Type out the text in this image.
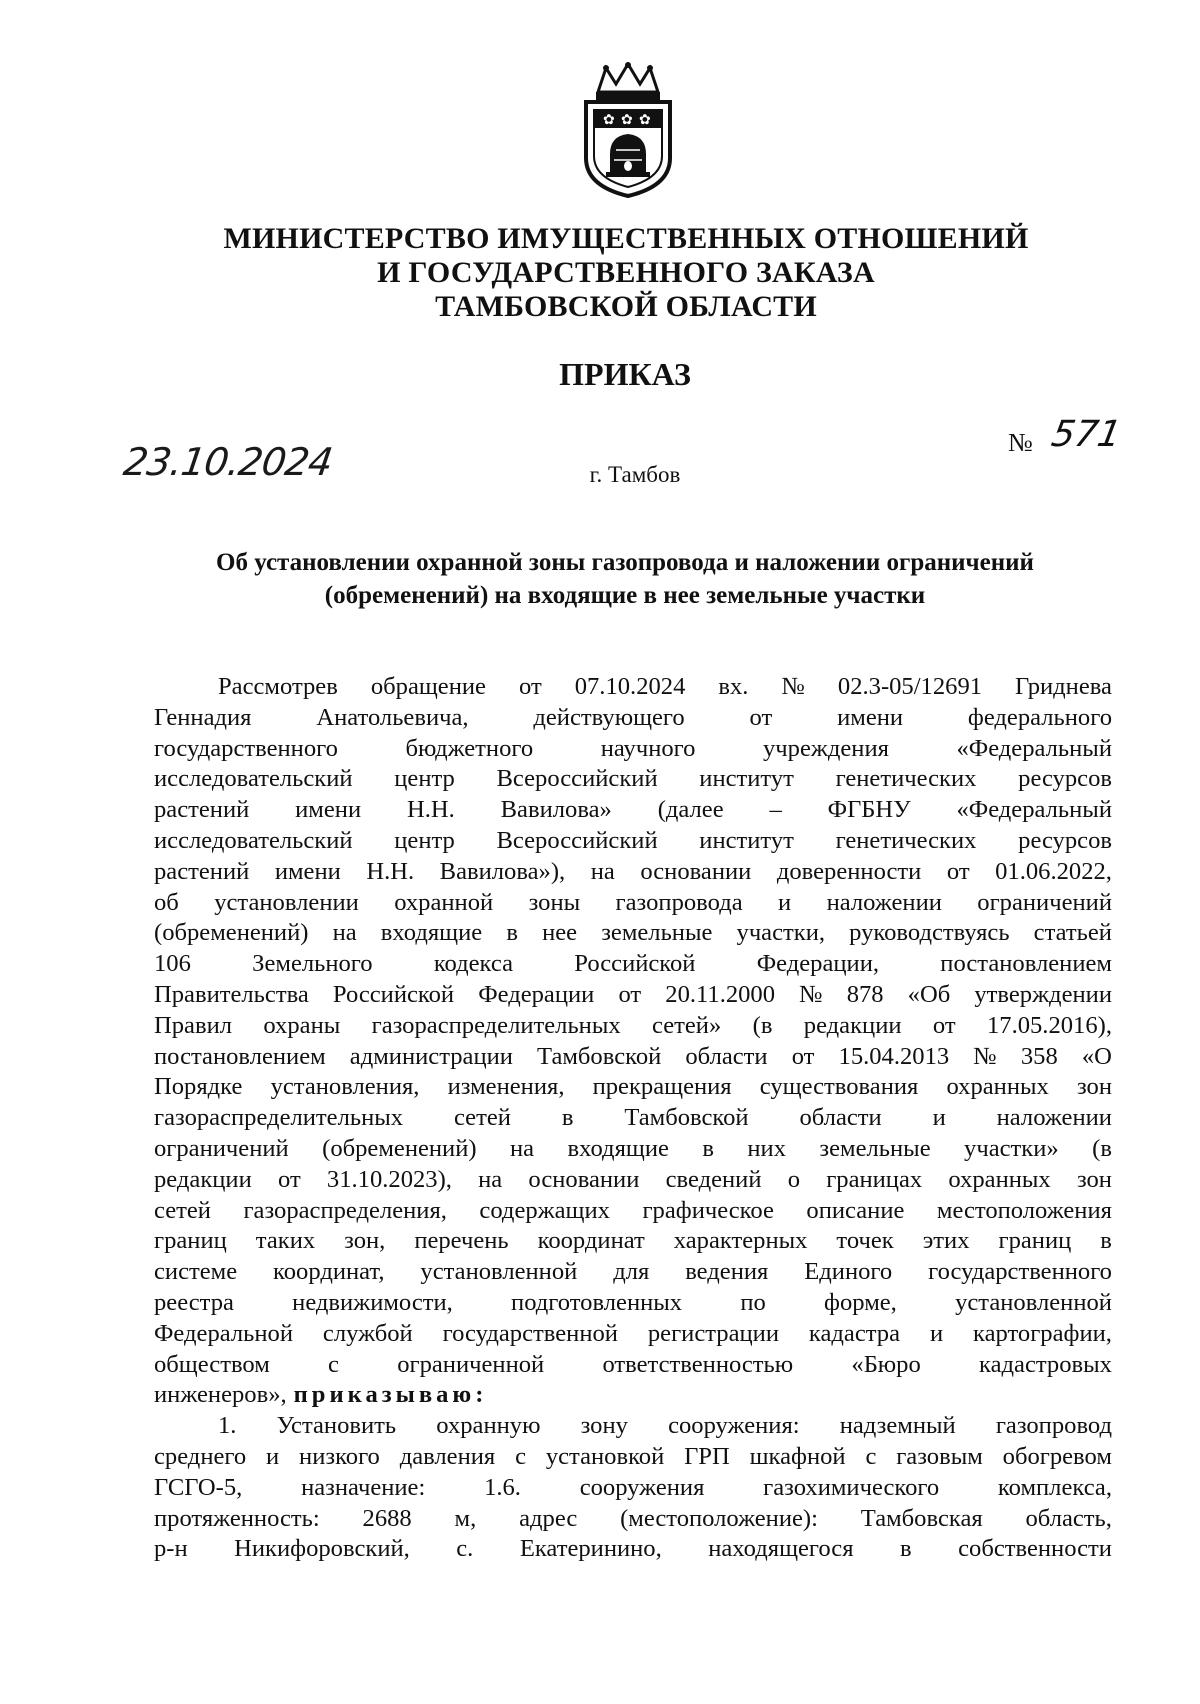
✿ ✿ ✿
МИНИСТЕРСТВО ИМУЩЕСТВЕННЫХ ОТНОШЕНИЙ
И ГОСУДАРСТВЕННОГО ЗАКАЗА
ТАМБОВСКОЙ ОБЛАСТИ
ПРИКАЗ
23.10.2024	№ 571
г. Тамбов
Об установлении охранной зоны газопровода и наложении ограничений
(обременений) на входящие в нее земельные участки
Рассмотрев обращение от 07.10.2024 вх. № 02.3-05/12691 Гриднева
Геннадия	Анатольевича,	действующего	от	имени	федерального
государственного	бюджетного	научного	учреждения	«Федеральный
исследовательский центр Всероссийский институт генетических ресурсов
растений имени Н.Н. Вавилова» (далее – ФГБНУ «Федеральный
исследовательский центр Всероссийский институт генетических ресурсов
растений имени Н.Н. Вавилова»), на основании доверенности от 01.06.2022,
об установлении охранной зоны газопровода и наложении ограничений
(обременений) на входящие в нее земельные участки, руководствуясь статьей
106 Земельного кодекса Российской Федерации, постановлением
Правительства Российской Федерации от 20.11.2000 № 878 «Об утверждении
Правил охраны газораспределительных сетей» (в редакции от 17.05.2016),
постановлением администрации Тамбовской области от 15.04.2013 № 358 «О
Порядке установления, изменения, прекращения существования охранных зон
газораспределительных сетей в Тамбовской области и наложении
ограничений (обременений) на входящие в них земельные участки» (в
редакции от 31.10.2023), на основании сведений о границах охранных зон
сетей газораспределения, содержащих графическое описание местоположения
границ таких зон, перечень координат характерных точек этих границ в
системе координат, установленной для ведения Единого государственного
реестра недвижимости, подготовленных по форме, установленной
Федеральной службой государственной регистрации кадастра и картографии,
обществом с ограниченной ответственностью «Бюро кадастровых
инженеров», приказываю:
1. Установить охранную зону сооружения: надземный газопровод
среднего и низкого давления с установкой ГРП шкафной с газовым обогревом
ГСГО-5, назначение: 1.6. сооружения газохимического комплекса,
протяженность: 2688 м, адрес (местоположение): Тамбовская область,
р-н Никифоровский, с. Екатеринино, находящегося в собственности
